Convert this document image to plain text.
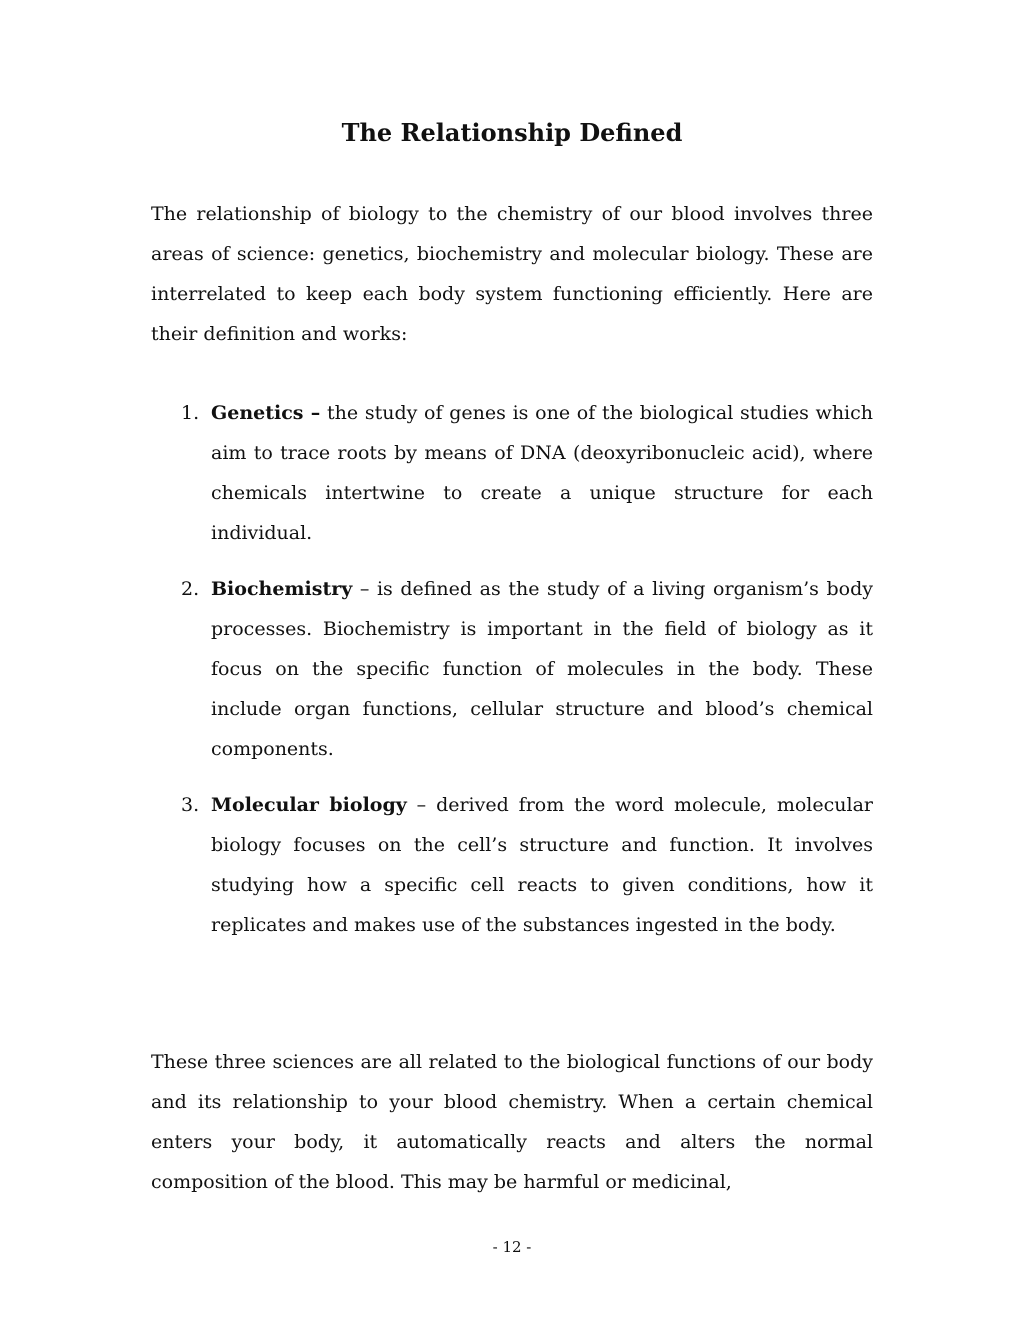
The Relationship Defined

The relationship of biology to the chemistry of our blood involves three areas of science: genetics, biochemistry and molecular biology. These are interrelated to keep each body system functioning efficiently. Here are their definition and works:

1. Genetics – the study of genes is one of the biological studies which aim to trace roots by means of DNA (deoxyribonucleic acid), where chemicals intertwine to create a unique structure for each individual.
2. Biochemistry – is defined as the study of a living organism’s body processes. Biochemistry is important in the field of biology as it focus on the specific function of molecules in the body. These include organ functions, cellular structure and blood’s chemical components.
3. Molecular biology – derived from the word molecule, molecular biology focuses on the cell’s structure and function. It involves studying how a specific cell reacts to given conditions, how it replicates and makes use of the substances ingested in the body.

These three sciences are all related to the biological functions of our body and its relationship to your blood chemistry. When a certain chemical enters your body, it automatically reacts and alters the normal composition of the blood. This may be harmful or medicinal,

- 12 -
